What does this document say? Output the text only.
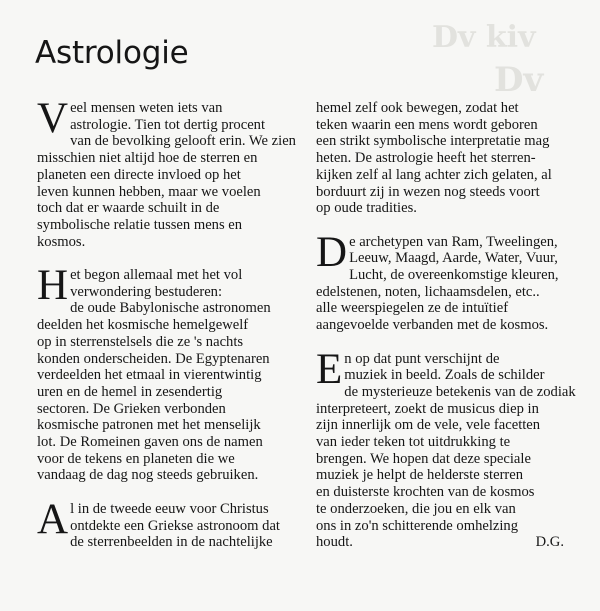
Dv kiv
Dv
Astrologie
V eel mensen weten iets van
astrologie. Tien tot dertig procent
van de bevolking gelooft erin. We zien
misschien niet altijd hoe de sterren en
planeten een directe invloed op het
leven kunnen hebben, maar we voelen
toch dat er waarde schuilt in de
symbolische relatie tussen mens en
kosmos.
H et begon allemaal met het vol
verwondering bestuderen:
de oude Babylonische astronomen
deelden het kosmische hemelgewelf
op in sterrenstelsels die ze 's nachts
konden onderscheiden. De Egyptenaren
verdeelden het etmaal in vierentwintig
uren en de hemel in zesendertig
sectoren. De Grieken verbonden
kosmische patronen met het menselijk
lot. De Romeinen gaven ons de namen
voor de tekens en planeten die we
vandaag de dag nog steeds gebruiken.
A l in de tweede eeuw voor Christus
ontdekte een Griekse astronoom dat
de sterrenbeelden in de nachtelijke
hemel zelf ook bewegen, zodat het
teken waarin een mens wordt geboren
een strikt symbolische interpretatie mag
heten. De astrologie heeft het sterren-
kijken zelf al lang achter zich gelaten, al
borduurt zij in wezen nog steeds voort
op oude tradities.
D e archetypen van Ram, Tweelingen,
Leeuw, Maagd, Aarde, Water, Vuur,
Lucht, de overeenkomstige kleuren,
edelstenen, noten, lichaamsdelen, etc..
alle weerspiegelen ze de intuïtief
aangevoelde verbanden met de kosmos.
E n op dat punt verschijnt de
muziek in beeld. Zoals de schilder
de mysterieuze betekenis van de zodiak
interpreteert, zoekt de musicus diep in
zijn innerlijk om de vele, vele facetten
van ieder teken tot uitdrukking te
brengen. We hopen dat deze speciale
muziek je helpt de helderste sterren
en duisterste krochten van de kosmos
te onderzoeken, die jou en elk van
ons in zo'n schitterende omhelzing
houdt.	D.G.
